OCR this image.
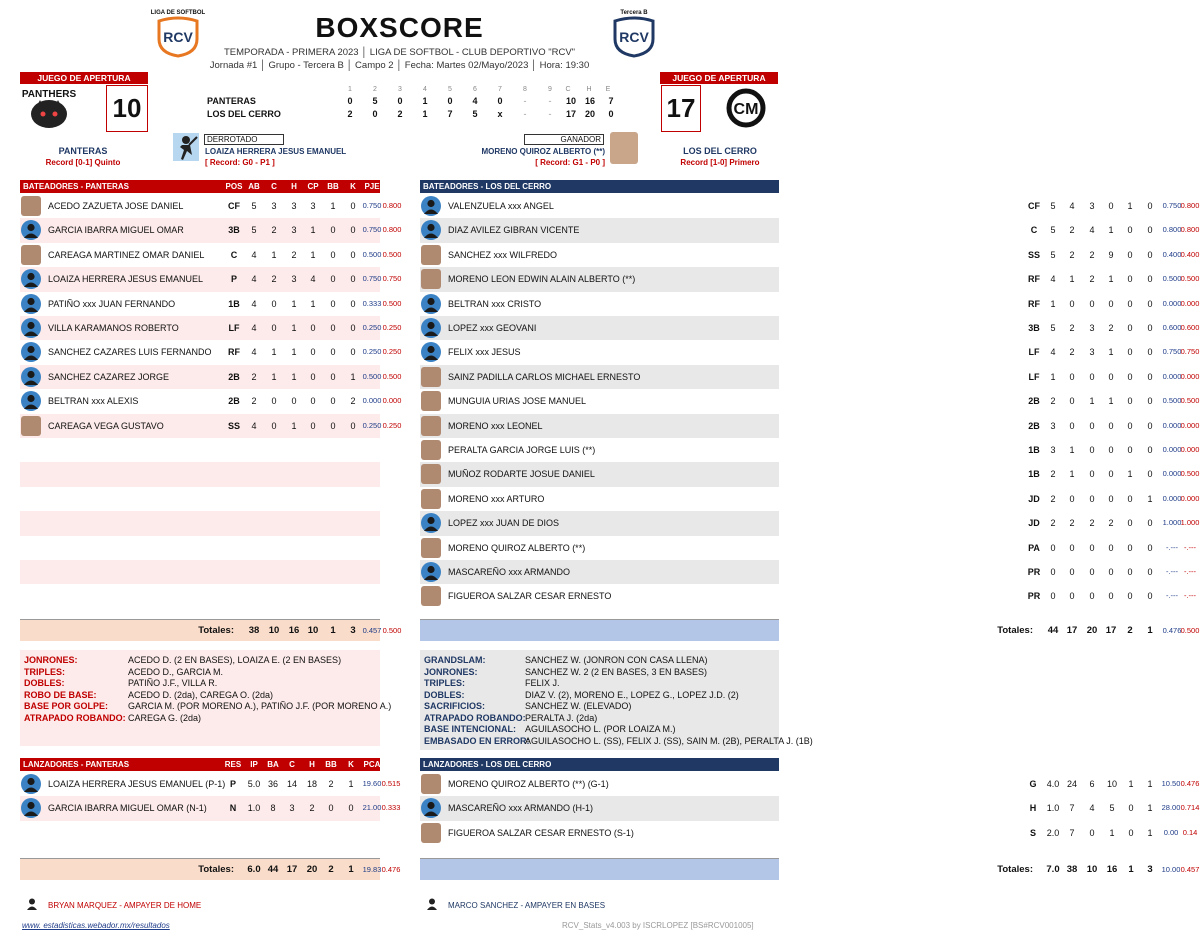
LIGA DE SOFTBOL
RCV
Tercera B
RCV
BOXSCORE
TEMPORADA - PRIMERA 2023 │ LIGA DE SOFTBOL - CLUB DEPORTIVO "RCV"
Jornada #1 │ Grupo - Tercera B │ Campo 2 │ Fecha: Martes 02/Mayo/2023 │ Hora: 19:30
JUEGO DE APERTURA
PANTHERS 10
PANTERAS
Record [0-1] Quinto
JUEGO DE APERTURA
17	CM
LOS DEL CERRO
Record [1-0] Primero
1	2	3	4	5	6	7	8	9	C	H	E
PANTERAS	0	5	0	1	0	4	0	-	-	10 16	7
LOS DEL CERRO	2	0	2	1	7	5	x	-	-	17 20	0
DERROTADO
LOAIZA HERRERA JESUS EMANUEL
[ Record: G0 - P1 ]
GANADOR
MORENO QUIROZ ALBERTO (**)
[ Record: G1 - P0 ]
BATEADORES - PANTERAS	POS AB	C	H	CP	BB	K	PJE OBP
ACEDO ZAZUETA JOSE DANIEL	CF	5	3	3	3	1	0 0.750 0.800
GARCIA IBARRA MIGUEL OMAR	3B	5	2	3	1	0	0 0.750 0.800
CAREAGA MARTINEZ OMAR DANIEL	C	4	1	2	1	0	0 0.500 0.500
LOAIZA HERRERA JESUS EMANUEL	P	4	2	3	4	0	0 0.750 0.750
PATIÑO xxx JUAN FERNANDO	1B	4	0	1	1	0	0 0.333 0.500
VILLA KARAMANOS ROBERTO	LF	4	0	1	0	0	0 0.250 0.250
SANCHEZ CAZARES LUIS FERNANDO	RF	4	1	1	0	0	0 0.250 0.250
SANCHEZ CAZAREZ JORGE	2B	2	1	1	0	0	1 0.500 0.500
BELTRAN xxx ALEXIS	2B	2	0	0	0	0	2 0.000 0.000
CAREAGA VEGA GUSTAVO	SS	4	0	1	0	0	0 0.250 0.250
Totales:	38 10 16 10	1	3 0.457 0.500
BATEADORES - LOS DEL CERRO	POS AB	C	H	CP BB	K	PJE OBP
VALENZUELA xxx ANGEL	CF	5	4	3	0	1	0	0.750 0.800
DIAZ AVILEZ GIBRAN VICENTE	C	5	2	4	1	0	0	0.800 0.800
SANCHEZ xxx WILFREDO	SS	5	2	2	9	0	0	0.400 0.400
MORENO LEON EDWIN ALAIN ALBERTO (**)	RF	4	1	2	1	0	0	0.500 0.500
BELTRAN xxx CRISTO	RF	1	0	0	0	0	0	0.000 0.000
LOPEZ xxx GEOVANI	3B	5	2	3	2	0	0	0.600 0.600
FELIX xxx JESUS	LF	4	2	3	1	0	0	0.750 0.750
SAINZ PADILLA CARLOS MICHAEL ERNESTO	LF	1	0	0	0	0	0	0.000 0.000
MUNGUIA URIAS JOSE MANUEL	2B	2	0	1	1	0	0	0.500 0.500
MORENO xxx LEONEL	2B	3	0	0	0	0	0	0.000 0.000
PERALTA GARCIA JORGE LUIS (**)	1B	3	1	0	0	0	0	0.000 0.000
MUÑOZ RODARTE JOSUE DANIEL	1B	2	1	0	0	1	0	0.000 0.500
MORENO xxx ARTURO	JD	2	0	0	0	0	1	0.000 0.000
LOPEZ xxx JUAN DE DIOS	JD	2	2	2	2	0	0	1.000 1.000
MORENO QUIROZ ALBERTO (**)	PA	0	0	0	0	0	0	-.--- -.---
MASCAREÑO xxx ARMANDO	PR	0	0	0	0	0	0	-.--- -.---
FIGUEROA SALZAR CESAR ERNESTO	PR	0	0	0	0	0	0	-.--- -.---
Totales:	44 17 20 17	2	1	0.476 0.500
JONRONES:	ACEDO D. (2 EN BASES), LOAIZA E. (2 EN BASES)
TRIPLES:	ACEDO D., GARCIA M.
DOBLES:	PATIÑO J.F., VILLA R.
ROBO DE BASE:	ACEDO D. (2da), CAREGA O. (2da)
BASE POR GOLPE: GARCIA M. (POR MORENO A.), PATIÑO J.F. (POR MORENO A.)
ATRAPADO ROBANDO: CAREGA G. (2da)
GRANDSLAM:	SANCHEZ W. (JONRON CON CASA LLENA)
JONRONES:	SANCHEZ W. 2 (2 EN BASES, 3 EN BASES)
TRIPLES:	FELIX J.
DOBLES:	DIAZ V. (2), MORENO E., LOPEZ G., LOPEZ J.D. (2)
SACRIFICIOS:	SANCHEZ W. (ELEVADO)
ATRAPADO ROBANDO: PERALTA J. (2da)
BASE INTENCIONAL: AGUILASOCHO L. (POR LOAIZA M.)
EMBASADO EN ERROR:
AGUILASOCHO L. (SS), FELIX J. (SS), SAIN M. (2B), PERALTA J. (1B)
LANZADORES - PANTERAS	RES	IP	BA	C	H	BB	K	PCA POP
LOAIZA HERRERA JESUS EMANUEL (P-1) P	5.0 36 14	18	2	1	19.60 0.515
GARCIA IBARRA MIGUEL OMAR (N-1)	N	1.0	8	3	2	0	0	21.00 0.333
Totales:	6.0 44 17 20	2	1	19.83 0.476
LANZADORES - LOS DEL CERRO	RES	IP	BA	C	H	BB	K	PCA POP
MORENO QUIROZ ALBERTO (**) (G-1)	G	4.0 24	6	10	1	1	10.50 0.476
MASCAREÑO xxx ARMANDO (H-1)	H	1.0	7	4	5	0	1	28.00 0.714
FIGUEROA SALZAR CESAR ERNESTO (S-1)	S	2.0	7	0	1	0	1	0.00 0.14
Totales:	7.0 38 10 16	1	3	10.00 0.457
BRYAN MARQUEZ - AMPAYER DE HOME	MARCO SANCHEZ - AMPAYER EN BASES
www. estadisticas.webador.mx/resultados	RCV_Stats_v4.003 by ISCRLOPEZ [BS#RCV001005]
